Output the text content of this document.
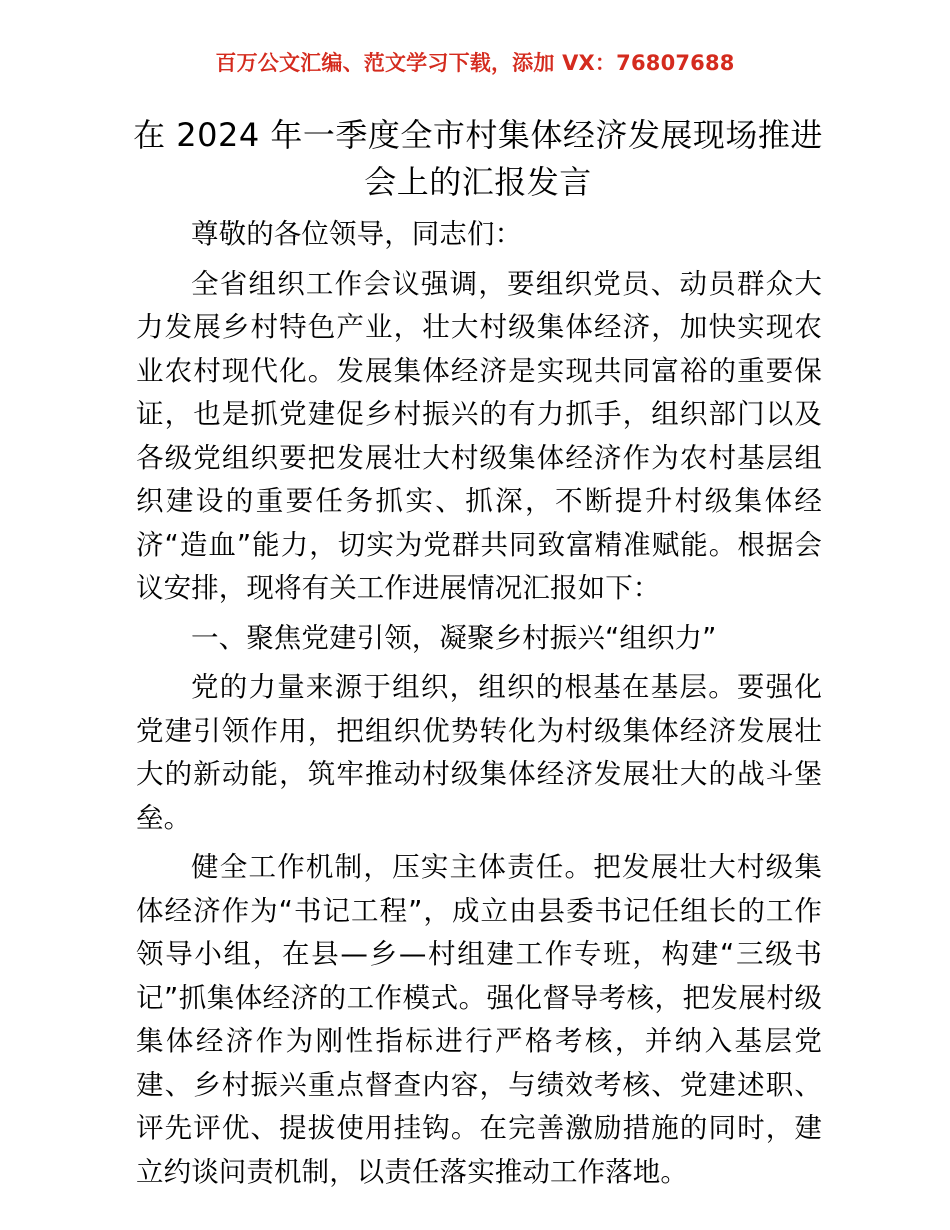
百万公文汇编、范文学习下载，添加 VX：76807688
在 2024 年一季度全市村集体经济发展现场推进
会上的汇报发言

尊敬的各位领导，同志们：

全省组织工作会议强调，要组织党员、动员群众大力发展乡村特色产业，壮大村级集体经济，加快实现农业农村现代化。发展集体经济是实现共同富裕的重要保证，也是抓党建促乡村振兴的有力抓手，组织部门以及各级党组织要把发展壮大村级集体经济作为农村基层组织建设的重要任务抓实、抓深，不断提升村级集体经济“造血”能力，切实为党群共同致富精准赋能。根据会议安排，现将有关工作进展情况汇报如下：

一、聚焦党建引领，凝聚乡村振兴“组织力”

党的力量来源于组织，组织的根基在基层。要强化党建引领作用，把组织优势转化为村级集体经济发展壮大的新动能，筑牢推动村级集体经济发展壮大的战斗堡垒。

健全工作机制，压实主体责任。把发展壮大村级集体经济作为“书记工程”，成立由县委书记任组长的工作领导小组，在县—乡—村组建工作专班，构建“三级书记”抓集体经济的工作模式。强化督导考核，把发展村级集体经济作为刚性指标进行严格考核，并纳入基层党建、乡村振兴重点督查内容，与绩效考核、党建述职、评先评优、提拔使用挂钩。在完善激励措施的同时，建立约谈问责机制，以责任落实推动工作落地。
